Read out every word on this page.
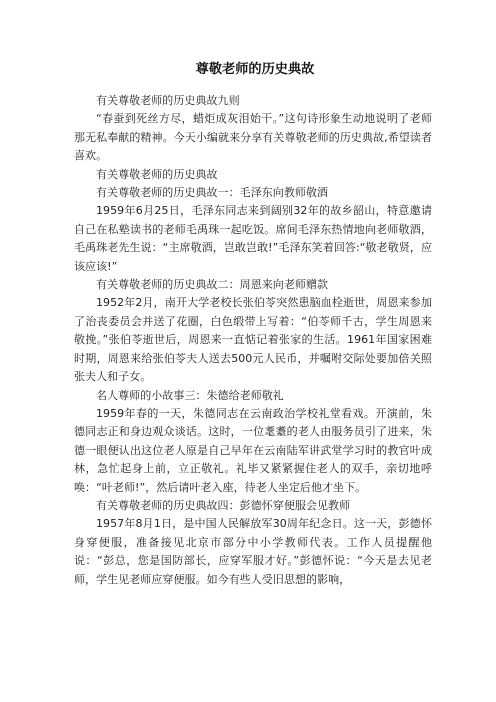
尊敬老师的历史典故

有关尊敬老师的历史典故九则

“春蚕到死丝方尽，蜡炬成灰泪始干。”这句诗形象生动地说明了老师那无私奉献的精神。今天小编就来分享有关尊敬老师的历史典故,希望读者喜欢。

有关尊敬老师的历史典故

有关尊敬老师的历史典故一：毛泽东向教师敬酒

1959年6月25日，毛泽东同志来到阔别32年的故乡韶山，特意邀请自己在私塾读书的老师毛禹珠一起吃饭。席间毛泽东热情地向老师敬酒，毛禹珠老先生说：“主席敬酒，岂敢岂敢!”毛泽东笑着回答:“敬老敬贤，应该应该!”

有关尊敬老师的历史典故二：周恩来向老师赠款

1952年2月，南开大学老校长张伯苓突然患脑血栓逝世，周恩来参加了治丧委员会并送了花圈，白色缎带上写着：“伯苓师千古，学生周恩来敬挽。”张伯苓逝世后，周恩来一直惦记着张家的生活。1961年国家困难时期，周恩来给张伯苓夫人送去500元人民币，并嘱咐交际处要加倍关照张夫人和子女。

名人尊师的小故事三：朱德给老师敬礼

1959年春的一天，朱德同志在云南政治学校礼堂看戏。开演前，朱德同志正和身边观众谈话。这时，一位耄耋的老人由服务员引了进来，朱德一眼便认出这位老人原是自己早年在云南陆军讲武堂学习时的教官叶成林，急忙起身上前，立正敬礼。礼毕又紧紧握住老人的双手，亲切地呼唤：“叶老师!”，然后请叶老入座，待老人坐定后他才坐下。

有关尊敬老师的历史典故四：彭德怀穿便服会见教师

1957年8月1日，是中国人民解放军30周年纪念日。这一天，彭德怀身穿便服，准备接见北京市部分中小学教师代表。工作人员提醒他说：“彭总，您是国防部长，应穿军服才好。”彭德怀说：“今天是去见老师，学生见老师应穿便服。如今有些人受旧思想的影响，
